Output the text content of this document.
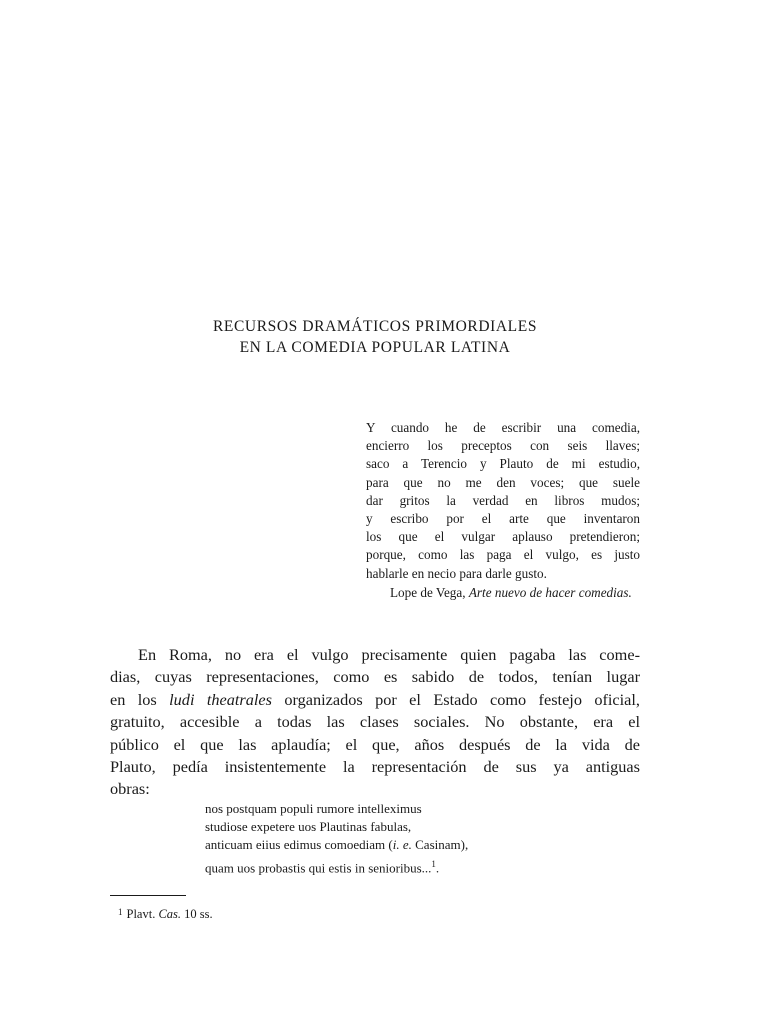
RECURSOS DRAMÁTICOS PRIMORDIALES
EN LA COMEDIA POPULAR LATINA
Y cuando he de escribir una comedia,
encierro los preceptos con seis llaves;
saco a Terencio y Plauto de mi estudio,
para que no me den voces; que suele
dar gritos la verdad en libros mudos;
y escribo por el arte que inventaron
los que el vulgar aplauso pretendieron;
porque, como las paga el vulgo, es justo
hablarle en necio para darle gusto.
Lope de Vega, Arte nuevo de hacer comedias.
En Roma, no era el vulgo precisamente quien pagaba las come-
dias, cuyas representaciones, como es sabido de todos, tenían lugar
en los ludi theatrales organizados por el Estado como festejo oficial,
gratuito, accesible a todas las clases sociales. No obstante, era el
público el que las aplaudía; el que, años después de la vida de
Plauto, pedía insistentemente la representación de sus ya antiguas
obras:
nos postquam populi rumore intelleximus
studiose expetere uos Plautinas fabulas,
anticuam eiius edimus comoediam (i. e. Casinam),
quam uos probastis qui estis in senioribus...$^1$.
$^1$ Plavt. Cas. 10 ss.
